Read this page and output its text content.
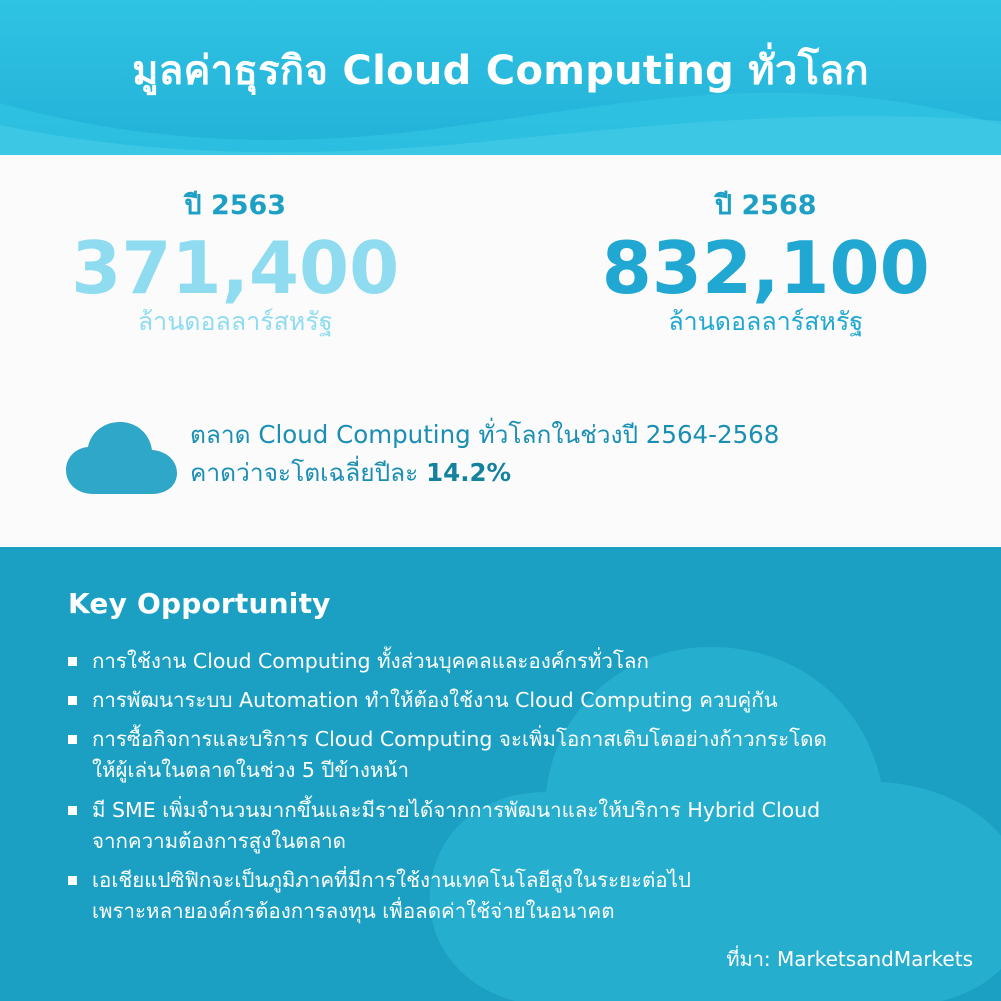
มูลค่าธุรกิจ Cloud Computing ทั่วโลก
ปี 2563
371,400
ล้านดอลลาร์สหรัฐ
ปี 2568
832,100
ล้านดอลลาร์สหรัฐ
ตลาด Cloud Computing ทั่วโลกในช่วงปี 2564-2568
คาดว่าจะโตเฉลี่ยปีละ 14.2%
Key Opportunity
การใช้งาน Cloud Computing ทั้งส่วนบุคคลและองค์กรทั่วโลก
การพัฒนาระบบ Automation ทำให้ต้องใช้งาน Cloud Computing ควบคู่กัน
การซื้อกิจการและบริการ Cloud Computing จะเพิ่มโอกาสเติบโตอย่างก้าวกระโดด
ให้ผู้เล่นในตลาดในช่วง 5 ปีข้างหน้า
มี SME เพิ่มจำนวนมากขึ้นและมีรายได้จากการพัฒนาและให้บริการ Hybrid Cloud
จากความต้องการสูงในตลาด
เอเชียแปซิฟิกจะเป็นภูมิภาคที่มีการใช้งานเทคโนโลยีสูงในระยะต่อไป
เพราะหลายองค์กรต้องการลงทุน เพื่อลดค่าใช้จ่ายในอนาคต
ที่มา: MarketsandMarkets
